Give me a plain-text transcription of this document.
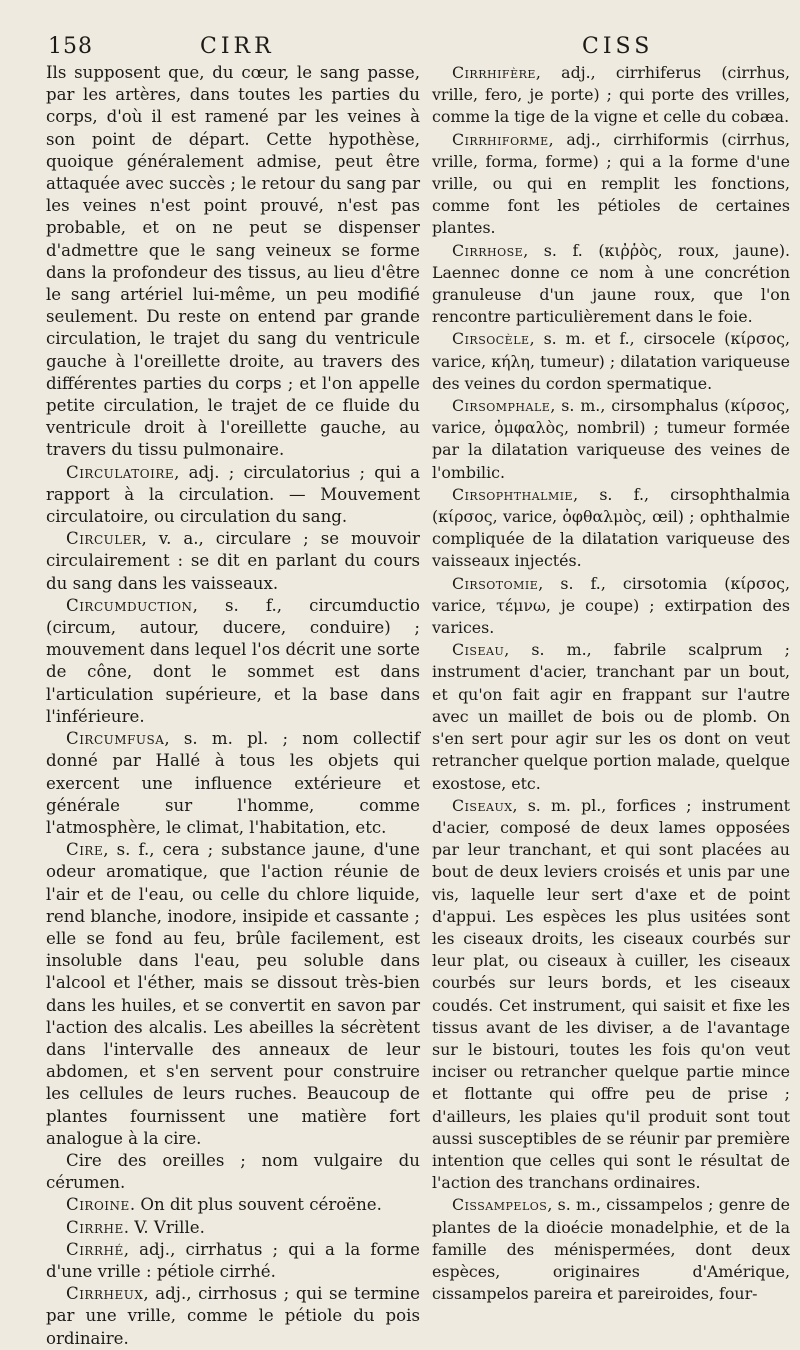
158	CIRR	CISS

Ils supposent que, du cœur, le sang passe, par les artères, dans toutes les parties du corps, d'où il est ramené par les veines à son point de départ. Cette hypothèse, quoique généralement admise, peut être attaquée avec succès ; le retour du sang par les veines n'est point prouvé, n'est pas probable, et on ne peut se dispenser d'admettre que le sang veineux se forme dans la profondeur des tissus, au lieu d'être le sang artériel lui-même, un peu modifié seulement. Du reste on entend par grande circulation, le trajet du sang du ventricule gauche à l'oreillette droite, au travers des différentes parties du corps ; et l'on appelle petite circulation, le trajet de ce fluide du ventricule droit à l'oreillette gauche, au travers du tissu pulmonaire.

Circulatoire, adj. ; circulatorius ; qui a rapport à la circulation. — Mouvement circulatoire, ou circulation du sang.

Circuler, v. a., circulare ; se mouvoir circulairement : se dit en parlant du cours du sang dans les vaisseaux.

Circumduction, s. f., circumductio (circum, autour, ducere, conduire) ; mouvement dans lequel l'os décrit une sorte de cône, dont le sommet est dans l'articulation supérieure, et la base dans l'inférieure.

Circumfusa, s. m. pl. ; nom collectif donné par Hallé à tous les objets qui exercent une influence extérieure et générale sur l'homme, comme l'atmosphère, le climat, l'habitation, etc.

Cire, s. f., cera ; substance jaune, d'une odeur aromatique, que l'action réunie de l'air et de l'eau, ou celle du chlore liquide, rend blanche, inodore, insipide et cassante ; elle se fond au feu, brûle facilement, est insoluble dans l'eau, peu soluble dans l'alcool et l'éther, mais se dissout très-bien dans les huiles, et se convertit en savon par l'action des alcalis. Les abeilles la sécrètent dans l'intervalle des anneaux de leur abdomen, et s'en servent pour construire les cellules de leurs ruches. Beaucoup de plantes fournissent une matière fort analogue à la cire.

Cire des oreilles ; nom vulgaire du cérumen.

Ciroine. On dit plus souvent céroëne.

Cirrhe. V. Vrille.

Cirrhé, adj., cirrhatus ; qui a la forme d'une vrille : pétiole cirrhé.

Cirrheux, adj., cirrhosus ; qui se termine par une vrille, comme le pétiole du pois ordinaire.

Cirrhifère, adj., cirrhiferus (cirrhus, vrille, fero, je porte) ; qui porte des vrilles, comme la tige de la vigne et celle du cobæa.

Cirrhiforme, adj., cirrhiformis (cirrhus, vrille, forma, forme) ; qui a la forme d'une vrille, ou qui en remplit les fonctions, comme font les pétioles de certaines plantes.

Cirrhose, s. f. (κιῤῥὸς, roux, jaune). Laennec donne ce nom à une concrétion granuleuse d'un jaune roux, que l'on rencontre particulièrement dans le foie.

Cirsocèle, s. m. et f., cirsocele (κίρσος, varice, κήλη, tumeur) ; dilatation variqueuse des veines du cordon spermatique.

Cirsomphale, s. m., cirsomphalus (κίρσος, varice, ὀμφαλὸς, nombril) ; tumeur formée par la dilatation variqueuse des veines de l'ombilic.

Cirsophthalmie, s. f., cirsophthalmia (κίρσος, varice, ὀφθαλμὸς, œil) ; ophthalmie compliquée de la dilatation variqueuse des vaisseaux injectés.

Cirsotomie, s. f., cirsotomia (κίρσος, varice, τέμνω, je coupe) ; extirpation des varices.

Ciseau, s. m., fabrile scalprum ; instrument d'acier, tranchant par un bout, et qu'on fait agir en frappant sur l'autre avec un maillet de bois ou de plomb. On s'en sert pour agir sur les os dont on veut retrancher quelque portion malade, quelque exostose, etc.

Ciseaux, s. m. pl., forfices ; instrument d'acier, composé de deux lames opposées par leur tranchant, et qui sont placées au bout de deux leviers croisés et unis par une vis, laquelle leur sert d'axe et de point d'appui. Les espèces les plus usitées sont les ciseaux droits, les ciseaux courbés sur leur plat, ou ciseaux à cuiller, les ciseaux courbés sur leurs bords, et les ciseaux coudés. Cet instrument, qui saisit et fixe les tissus avant de les diviser, a de l'avantage sur le bistouri, toutes les fois qu'on veut inciser ou retrancher quelque partie mince et flottante qui offre peu de prise ; d'ailleurs, les plaies qu'il produit sont tout aussi susceptibles de se réunir par première intention que celles qui sont le résultat de l'action des tranchans ordinaires.

Cissampelos, s. m., cissampelos ; genre de plantes de la dioécie monadelphie, et de la famille des ménispermées, dont deux espèces, originaires d'Amérique, cissampelos pareira et pareiroides, four-
